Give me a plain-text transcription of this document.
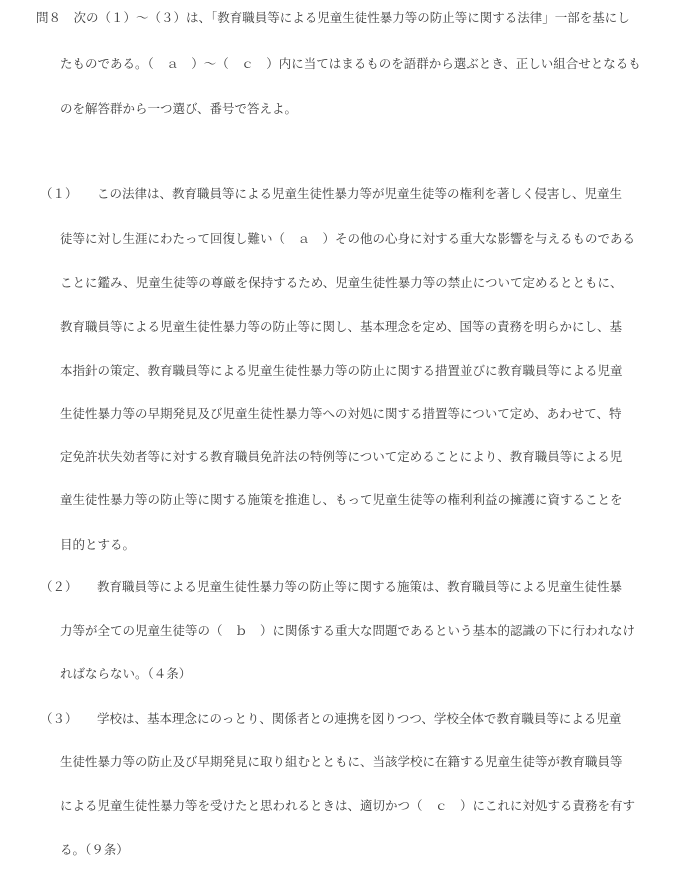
問８　 次の（１）～（３）は、「教育職員等による児童生徒性暴力等の防止等に関する法律」一部を基にし
たものである。（　ａ　）～（　ｃ　）内に当てはまるものを語群から選ぶとき、正しい組合せとなるも
のを解答群から一つ選び、番号で答えよ。
（１） この法律は、教育職員等による児童生徒性暴力等が児童生徒等の権利を著しく侵害し、児童生
徒等に対し生涯にわたって回復し難い（　ａ　）その他の心身に対する重大な影響を与えるものである
ことに鑑み、児童生徒等の尊厳を保持するため、児童生徒性暴力等の禁止について定めるとともに、
教育職員等による児童生徒性暴力等の防止等に関し、基本理念を定め、国等の責務を明らかにし、基
本指針の策定、教育職員等による児童生徒性暴力等の防止に関する措置並びに教育職員等による児童
生徒性暴力等の早期発見及び児童生徒性暴力等への対処に関する措置等について定め、あわせて、特
定免許状失効者等に対する教育職員免許法の特例等について定めることにより、教育職員等による児
童生徒性暴力等の防止等に関する施策を推進し、もって児童生徒等の権利利益の擁護に資することを
目的とする。
（２） 教育職員等による児童生徒性暴力等の防止等に関する施策は、教育職員等による児童生徒性暴
力等が全ての児童生徒等の（　ｂ　）に関係する重大な問題であるという基本的認識の下に行われなけ
ればならない。（４条）
（３） 学校は、基本理念にのっとり、関係者との連携を図りつつ、学校全体で教育職員等による児童
生徒性暴力等の防止及び早期発見に取り組むとともに、当該学校に在籍する児童生徒等が教育職員等
による児童生徒性暴力等を受けたと思われるときは、適切かつ（　ｃ　）にこれに対処する責務を有す
る。（９条）
